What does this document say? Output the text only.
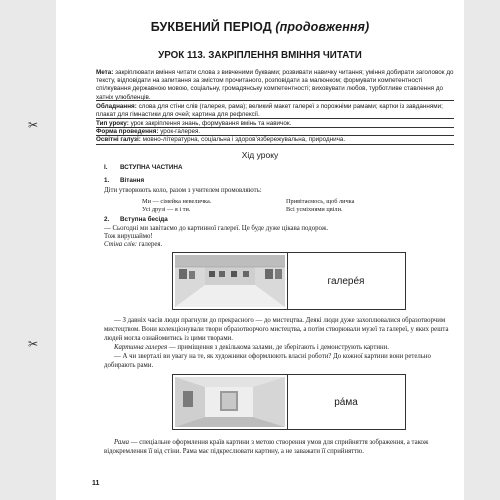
✂
✂
БУКВЕНИЙ ПЕРІОД (продовження)
УРОК 113. ЗАКРІПЛЕННЯ ВМІННЯ ЧИТАТИ
Мета: закріплювати вміння читати слова з вивченими буквами; розвивати навичку читання; уміння добирати заголовок до тексту, відповідати на запитання за змістом прочитаного, розповідати за малюнком; формувати компетентності спілкування державною мовою, соціальну, громадянську компетентності; виховувати любов, турботливе ставлення до хатніх улюбленців.
Обладнання: слова для стіни слів (галерея, рама); великий макет галереї з порожніми рамами; картки із завданнями; плакат для гімнастики для очей; картина для рефлексії.
Тип уроку: урок закріплення знань, формування вмінь та навичок.
Форма проведення: урок-галерея.
Освітні галузі: мовно-літературна, соціальна і здоров’язбережувальна, природнича.
Хід уроку
І. ВСТУПНА ЧАСТИНА
1. Вітання
Діти утворюють коло, разом з учителем промовляють:
Ми — сімейка невеличка.
Усі друзі — я і ти.
Привітаємось, щоб личка
Всі усміхнями цвіли.
2. Вступна бесіда
— Сьогодні ми завітаємо до картинної галереї. Це буде дуже цікава подорож.
Тож вирушаймо!
Стіна слів: галерея.
галерéя
— З давніх часів люди прагнули до прекрасного — до мистецтва. Деякі люди дуже захоплювалися образотворчим мистецтвом. Вони колекціонували твори образотворчого мистецтва, а потім створювали музеї та галереї, у яких решта людей могла ознайомитись із цими творами.
Картинна галерея — приміщення з декількома залами, де зберігають і демонструють картини.
— А чи зверталі ви увагу на те, як художники оформлюють власні роботи? До кожної картини вони ретельно добирають рами.
рáма
Рама — спеціальне оформлення країв картини з метою створення умов для сприйняття зображення, а також відокремлення її від стіни. Рама має підкреслювати картину, а не заважати її сприйняттю.
11
